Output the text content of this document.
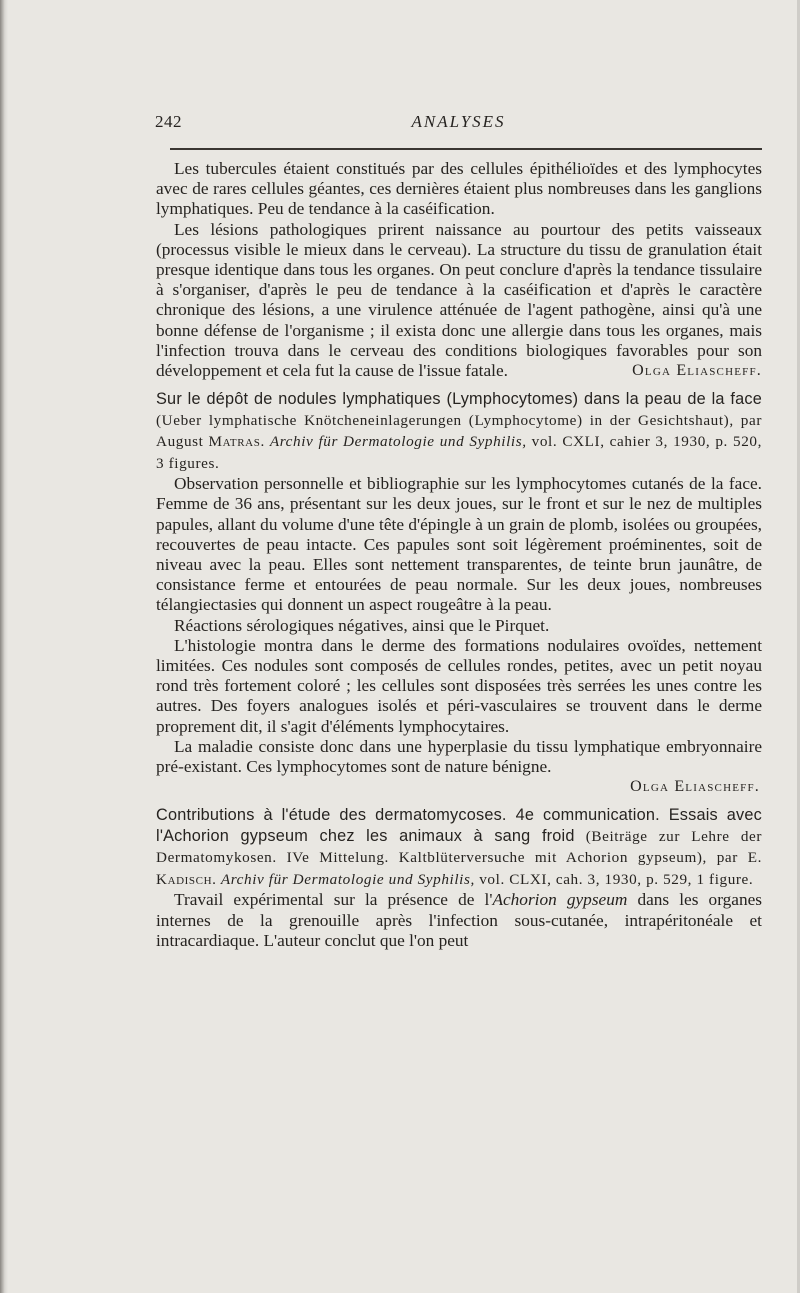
242	ANALYSES

Les tubercules étaient constitués par des cellules épithélioïdes et des lymphocytes avec de rares cellules géantes, ces dernières étaient plus nombreuses dans les ganglions lymphatiques. Peu de tendance à la caséification.

Les lésions pathologiques prirent naissance au pourtour des petits vaisseaux (processus visible le mieux dans le cerveau). La structure du tissu de granulation était presque identique dans tous les organes. On peut conclure d'après la tendance tissulaire à s'organiser, d'après le peu de tendance à la caséification et d'après le caractère chronique des lésions, a une virulence atténuée de l'agent pathogène, ainsi qu'à une bonne défense de l'organisme ; il exista donc une allergie dans tous les organes, mais l'infection trouva dans le cerveau des conditions biologiques favorables pour son développement et cela fut la cause de l'issue fatale.	Olga Eliascheff.

Sur le dépôt de nodules lymphatiques (Lymphocytomes) dans la peau de la face (Ueber lymphatische Knötcheneinlagerungen (Lymphocytome) in der Gesichtshaut), par August Matras. Archiv für Dermatologie und Syphilis, vol. CXLI, cahier 3, 1930, p. 520, 3 figures.

Observation personnelle et bibliographie sur les lymphocytomes cutanés de la face. Femme de 36 ans, présentant sur les deux joues, sur le front et sur le nez de multiples papules, allant du volume d'une tête d'épingle à un grain de plomb, isolées ou groupées, recouvertes de peau intacte. Ces papules sont soit légèrement proéminentes, soit de niveau avec la peau. Elles sont nettement transparentes, de teinte brun jaunâtre, de consistance ferme et entourées de peau normale. Sur les deux joues, nombreuses télangiectasies qui donnent un aspect rougeâtre à la peau.

Réactions sérologiques négatives, ainsi que le Pirquet.

L'histologie montra dans le derme des formations nodulaires ovoïdes, nettement limitées. Ces nodules sont composés de cellules rondes, petites, avec un petit noyau rond très fortement coloré ; les cellules sont disposées très serrées les unes contre les autres. Des foyers analogues isolés et péri-vasculaires se trouvent dans le derme proprement dit, il s'agit d'éléments lymphocytaires.

La maladie consiste donc dans une hyperplasie du tissu lymphatique embryonnaire pré-existant. Ces lymphocytomes sont de nature bénigne.

Olga Eliascheff.

Contributions à l'étude des dermatomycoses. 4e communication. Essais avec l'Achorion gypseum chez les animaux à sang froid (Beiträge zur Lehre der Dermatomykosen. IVe Mittelung. Kaltblüterversuche mit Achorion gypseum), par E. Kadisch. Archiv für Dermatologie und Syphilis, vol. CLXI, cah. 3, 1930, p. 529, 1 figure.

Travail expérimental sur la présence de l'Achorion gypseum dans les organes internes de la grenouille après l'infection sous-cutanée, intrapéritonéale et intracardiaque. L'auteur conclut que l'on peut
